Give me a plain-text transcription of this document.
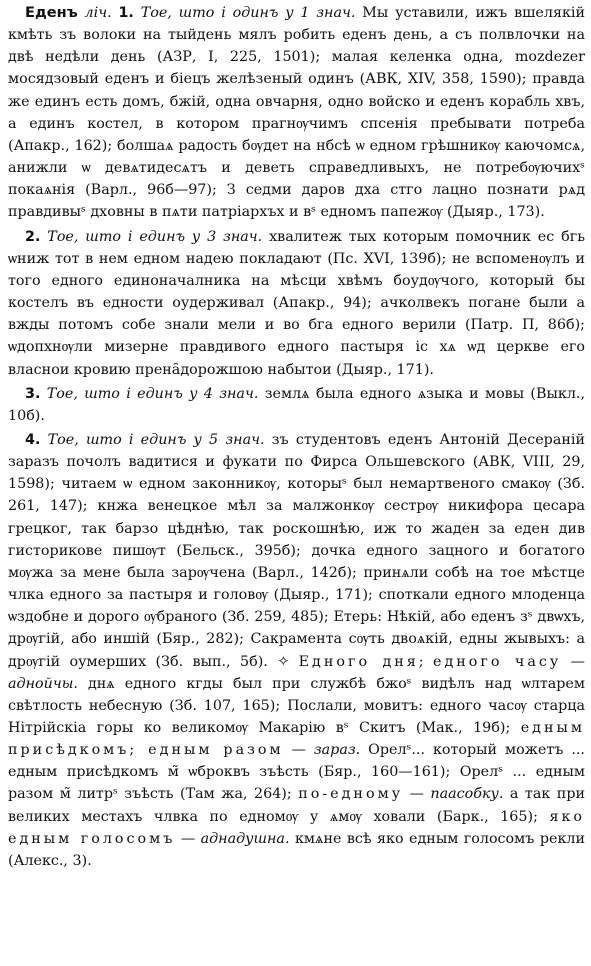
Еденъ ліч. 1. Тое, што і одинъ у 1 знач. Мы уставили, ижъ вшелякій кмѣть зъ волоки на тыйдень мялъ робить еденъ день, а съ полвлочки на двѣ недѣли день (АЗР, І, 225, 1501); малая келенка одна, mozdezer мосядзовый еденъ и біецъ желѣзеный одинъ (АВК, XIV, 358, 1590); правда же единъ есть домъ, бжій, одна овчарня, одно войско и еденъ корабль хвъ, а единъ костел, в котором прагнѹчимъ спсенія пребывати потреба (Апакр., 162); болшаѧ радость бѹдет на нбсѣ ѡ едном грѣшникѹ каючомсѧ, анижли ѡ девѧтидесѧтъ и деветь справедливыхъ, не потребѹючихˢ покаѧнія (Варл., 96б—97); З седми даров дха стго лацно познати рѧд правдивыˢ дховны в пѧти патріархъх и вˢ едномъ папежѹ (Дыяр., 173).

2. Тое, што і единъ у 3 знач. хвалитеж тых которым помочник ес бгь ѡниж тот в нем едном надею покладают (Пс. XVI, 139б); не вспоменѹлъ и того едного единоначалника на мѣсци хвѣмъ боудѹчого, который бы костелъ въ едности оудерживал (Апакр., 94); ачколвекъ погане были а вжды потомъ собе знали мели и во бга едного верили (Патр. П, 86б); ѡдопхнѹли мизерне правдивого едного пастыря іс хѧ ѡд церкве его власнои кровию прена̑дорожшою набытои (Дыяр., 171).

3. Тое, што і единъ у 4 знач. землѧ была едного ѧзыка и мовы (Выкл., 10б).

4. Тое, што і единъ у 5 знач. зъ студентовъ еденъ Антоній Десераній заразъ почолъ вадитися и фукати по Фирса Ольшевского (АВК, VIII, 29, 1598); читаем ѡ едном законникѹ, которыˢ был немартвеного смакѹ (Зб. 261, 147); кнжа венецкое мѣл за малжонкѹ сестрѹ никифора цесара грецког, так барзо цѣднѣю, так роскошнѣю, иж то жаден за еден див гисторикове пишѹт (Бельск., 395б); дочка едного зацного и богатого мѹжа за мене была зарѹчена (Варл., 142б); принѧли собѣ на тое мѣстце члка едного за пастыря и головѹ (Дыяр., 171); споткали едного млоденца ѡздобне и дорого ѹбраного (Зб. 259, 485); Етерь: Нѣкій, або еденъ зˢ двѡхъ, дрѹгій, або иншій (Бяр., 282); Сакрамента сѹть двоѧкій, едны жывыхъ: а дрѹгій оумерших (Зб. вып., 5б). ✧ Едного дня; едного часу — аднойчы. днѧ едного кгды был при службѣ бжоˢ видѣлъ над ѡлтарем свѣтлость небесную (Зб. 107, 165); Послали, мовитъ: едного часѹ старца Нітрійскіа горы ко великомѹ Макарію вˢ Скитъ (Мак., 19б); едным присѣдкомъ; едным разом — зараз. Орелˢ... который можетъ ... едным присѣдкомъ м̃ ѡброквъ зъѣсть (Бяр., 160—161); Орелˢ ... едным разом м̃ литрˢ зъѣсть (Там жа, 264); по-едному — паасобку. а так при великих местахъ члвка по едномѹ у ѧмѹ ховали (Барк., 165); яко едным голосомъ — аднадушна. кмѧне всѣ яко едным голосомъ рекли (Алекс., 3).
